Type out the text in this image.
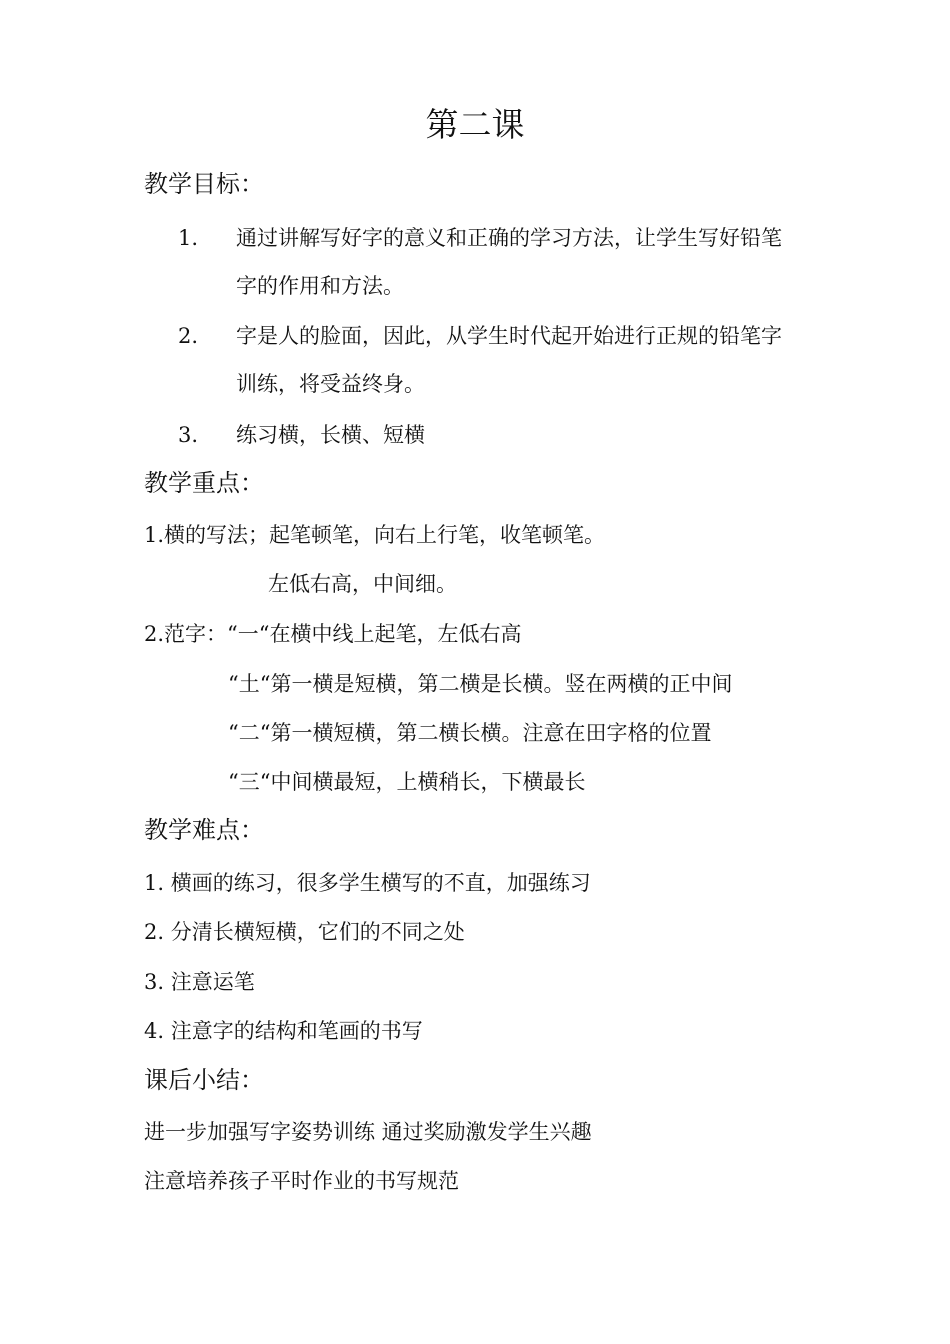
第二课
教学目标：
1. 通过讲解写好字的意义和正确的学习方法，让学生写好铅笔
字的作用和方法。
2. 字是人的脸面，因此，从学生时代起开始进行正规的铅笔字
训练，将受益终身。
3. 练习横，长横、短横
教学重点：
1.横的写法；起笔顿笔，向右上行笔，收笔顿笔。
左低右高，中间细。
2.范字：“一“在横中线上起笔，左低右高
“土“第一横是短横，第二横是长横。竖在两横的正中间
“二“第一横短横，第二横长横。注意在田字格的位置
“三“中间横最短，上横稍长，下横最长
教学难点：
1. 横画的练习，很多学生横写的不直，加强练习
2. 分清长横短横，它们的不同之处
3. 注意运笔
4. 注意字的结构和笔画的书写
课后小结：
进一步加强写字姿势训练 通过奖励激发学生兴趣
注意培养孩子平时作业的书写规范
